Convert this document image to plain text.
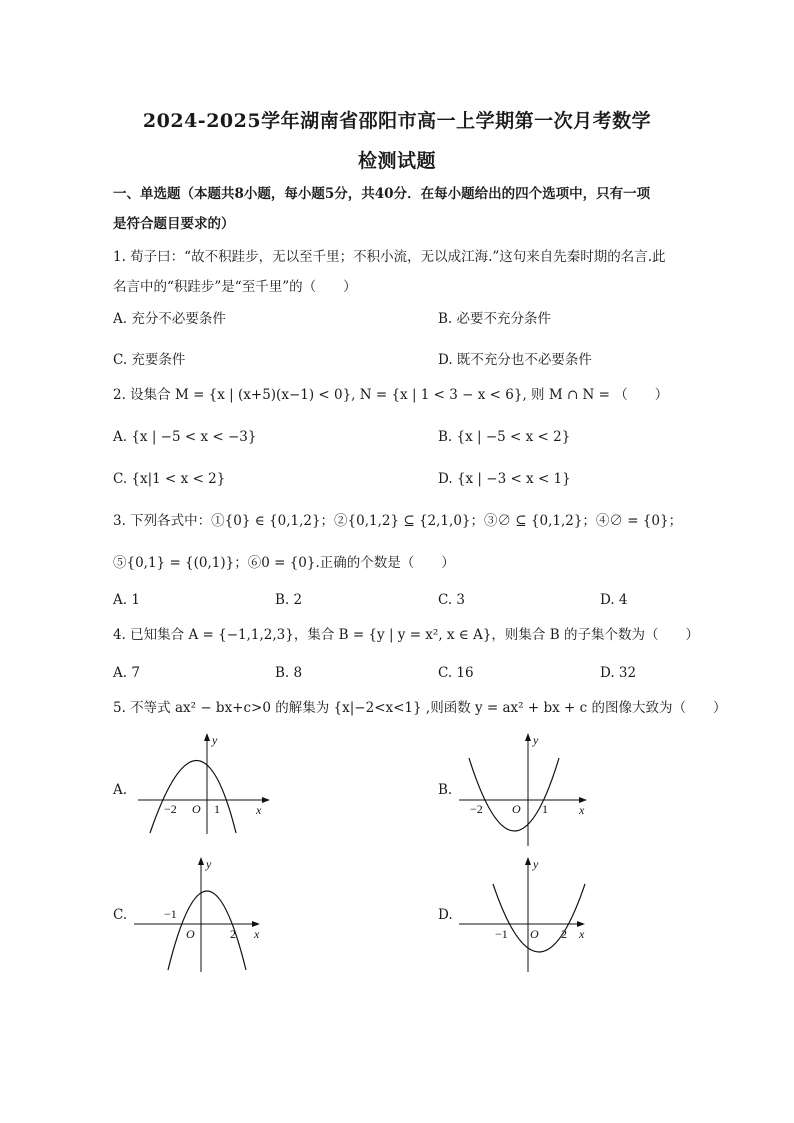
2024-2025学年湖南省邵阳市高一上学期第一次月考数学
检测试题
一、单选题（本题共8小题，每小题5分，共40分．在每小题给出的四个选项中，只有一项
是符合题目要求的）
1. 荀子曰：“故不积跬步，无以至千里；不积小流，无以成江海.”这句来自先秦时期的名言.此
名言中的“积跬步”是“至千里”的（　　）
A. 充分不必要条件	B. 必要不充分条件
C. 充要条件	D. 既不充分也不必要条件
2. 设集合 M = {x | (x+5)(x−1) < 0}, N = {x | 1 < 3 − x < 6}, 则 M ∩ N = （　　）
A. {x | −5 < x < −3}	B. {x | −5 < x < 2}
C. {x|1 < x < 2}	D. {x | −3 < x < 1}
3. 下列各式中：①{0} ∈ {0,1,2}；②{0,1,2} ⊆ {2,1,0}；③∅ ⊆ {0,1,2}；④∅ = {0}；
⑤{0,1} = {(0,1)}；⑥0 = {0}.正确的个数是（　　）
A. 1	B. 2	C. 3	D. 4
4. 已知集合 A = {−1,1,2,3}，集合 B = {y | y = x², x ∈ A}，则集合 B 的子集个数为（　　）
A. 7	B. 8	C. 16	D. 32
5. 不等式 ax² − bx+c>0 的解集为 {x|−2<x<1} ,则函数 y = ax² + bx + c 的图像大致为（　　）
A.
y
x
−2 O 1
B.
y
x
−2 O 1
C.
y
x
−1
O	2
D.
y
x
−1 O 2
